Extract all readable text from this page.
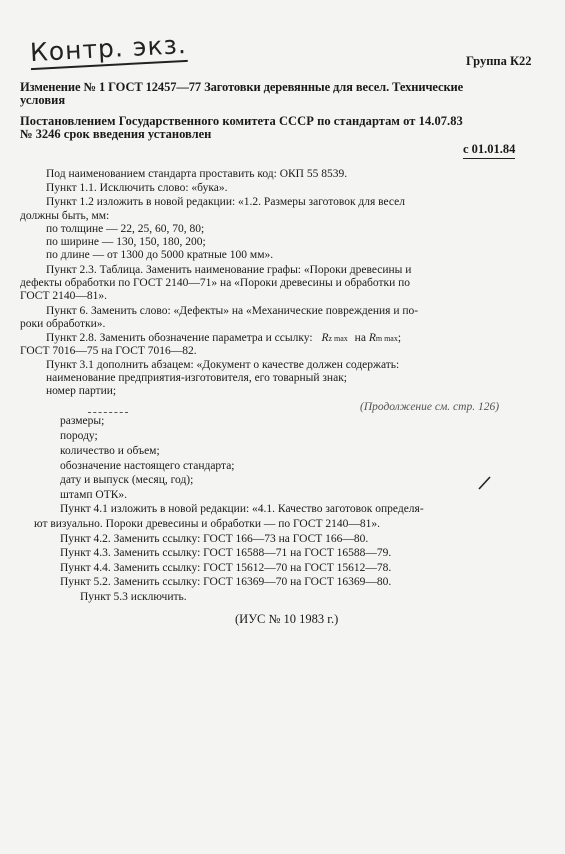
Контр. экз.	Группа К22
Изменение № 1 ГОСТ 12457—77 Заготовки деревянные для весел. Технические
условия
Постановлением Государственного комитета СССР по стандартам от 14.07.83
№ 3246 срок введения установлен
с 01.01.84
Под наименованием стандарта проставить код: ОКП 55 8539.
Пункт 1.1. Исключить слово: «бука».
Пункт 1.2 изложить в новой редакции: «1.2. Размеры заготовок для весел
должны быть, мм:
по толщине — 22, 25, 60, 70, 80;
по ширине — 130, 150, 180, 200;
по длине — от 1300 до 5000 кратные 100 мм».
Пункт 2.3. Таблица. Заменить наименование графы: «Пороки древесины и
дефекты обработки по ГОСТ 2140—71» на «Пороки древесины и обработки по
ГОСТ 2140—81».
Пункт 6. Заменить слово: «Дефекты» на «Механические повреждения и по-
роки обработки».
Пункт 2.8. Заменить обозначение параметра и ссылку: Rz max на Rm max;
ГОСТ 7016—75 на ГОСТ 7016—82.
Пункт 3.1 дополнить абзацем: «Документ о качестве должен содержать:
наименование предприятия-изготовителя, его товарный знак;
номер партии;
(Продолжение см. стр. 126)
размеры;
породу;
количество и объем;
обозначение настоящего стандарта;
дату и выпуск (месяц, год);
штамп ОТК».
Пункт 4.1 изложить в новой редакции: «4.1. Качество заготовок определя-
ют визуально. Пороки древесины и обработки — по ГОСТ 2140—81».
Пункт 4.2. Заменить ссылку: ГОСТ 166—73 на ГОСТ 166—80.
Пункт 4.3. Заменить ссылку: ГОСТ 16588—71 на ГОСТ 16588—79.
Пункт 4.4. Заменить ссылку: ГОСТ 15612—70 на ГОСТ 15612—78.
Пункт 5.2. Заменить ссылку: ГОСТ 16369—70 на ГОСТ 16369—80.
Пункт 5.3 исключить.
(ИУС № 10 1983 г.)
